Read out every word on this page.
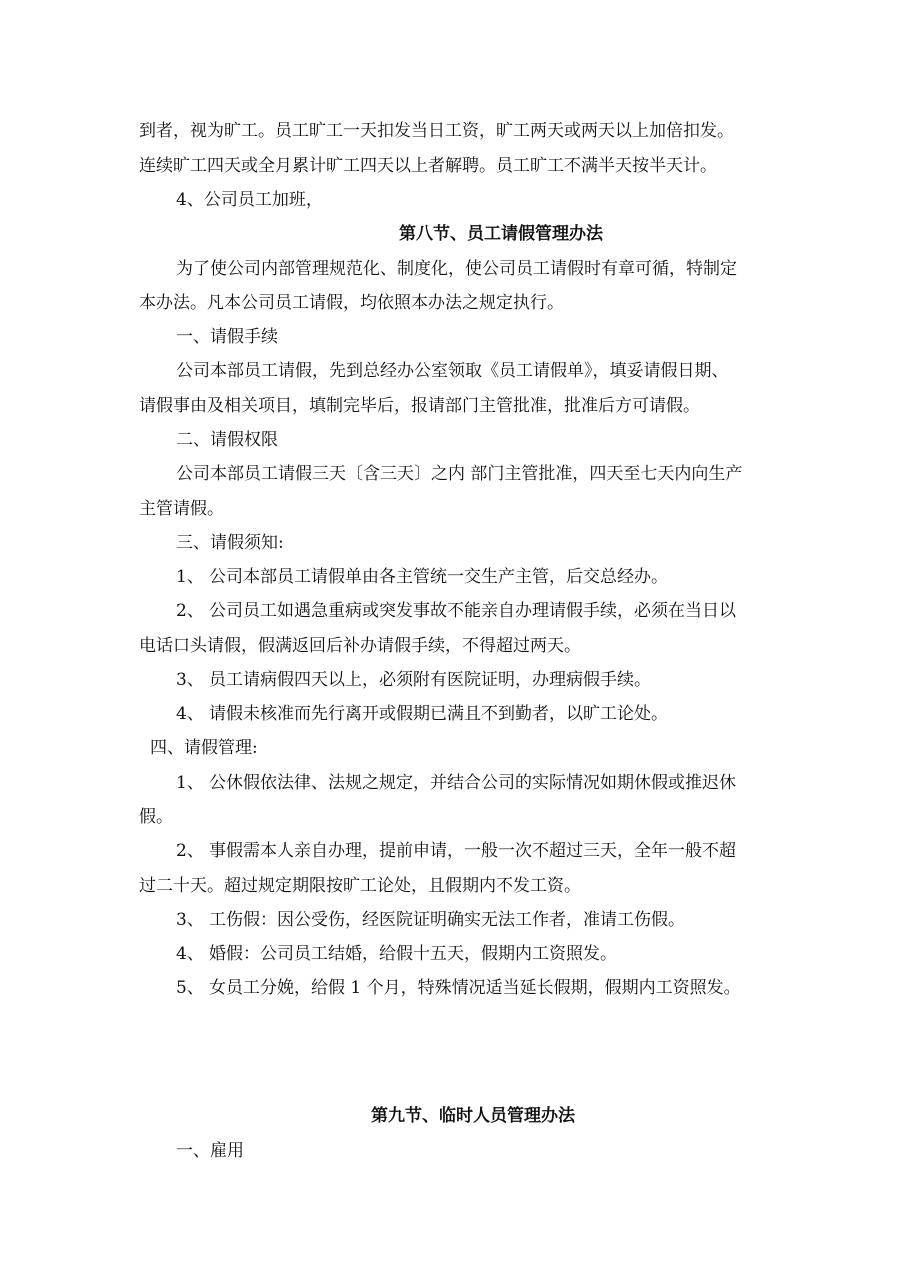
到者，视为旷工。员工旷工一天扣发当日工资，旷工两天或两天以上加倍扣发。
连续旷工四天或全月累计旷工四天以上者解聘。员工旷工不满半天按半天计。
4、公司员工加班，
第八节、员工请假管理办法
为了使公司内部管理规范化、制度化，使公司员工请假时有章可循，特制定
本办法。凡本公司员工请假，均依照本办法之规定执行。
一、请假手续
公司本部员工请假，先到总经办公室领取《员工请假单》，填妥请假日期、
请假事由及相关项目，填制完毕后，报请部门主管批准，批准后方可请假。
二、请假权限
公司本部员工请假三天〔含三天〕之内 部门主管批准，四天至七天内向生产
主管请假。
三、请假须知:
1、 公司本部员工请假单由各主管统一交生产主管，后交总经办。
2、 公司员工如遇急重病或突发事故不能亲自办理请假手续，必须在当日以
电话口头请假，假满返回后补办请假手续，不得超过两天。
3、 员工请病假四天以上，必须附有医院证明，办理病假手续。
4、 请假未核准而先行离开或假期已满且不到勤者，以旷工论处。
四、请假管理:
1、 公休假依法律、法规之规定，并结合公司的实际情况如期休假或推迟休
假。
2、 事假需本人亲自办理，提前申请，一般一次不超过三天，全年一般不超
过二十天。超过规定期限按旷工论处，且假期内不发工资。
3、 工伤假：因公受伤，经医院证明确实无法工作者，准请工伤假。
4、 婚假：公司员工结婚，给假十五天，假期内工资照发。
5、 女员工分娩，给假 1 个月，特殊情况适当延长假期，假期内工资照发。
第九节、临时人员管理办法
一、雇用
